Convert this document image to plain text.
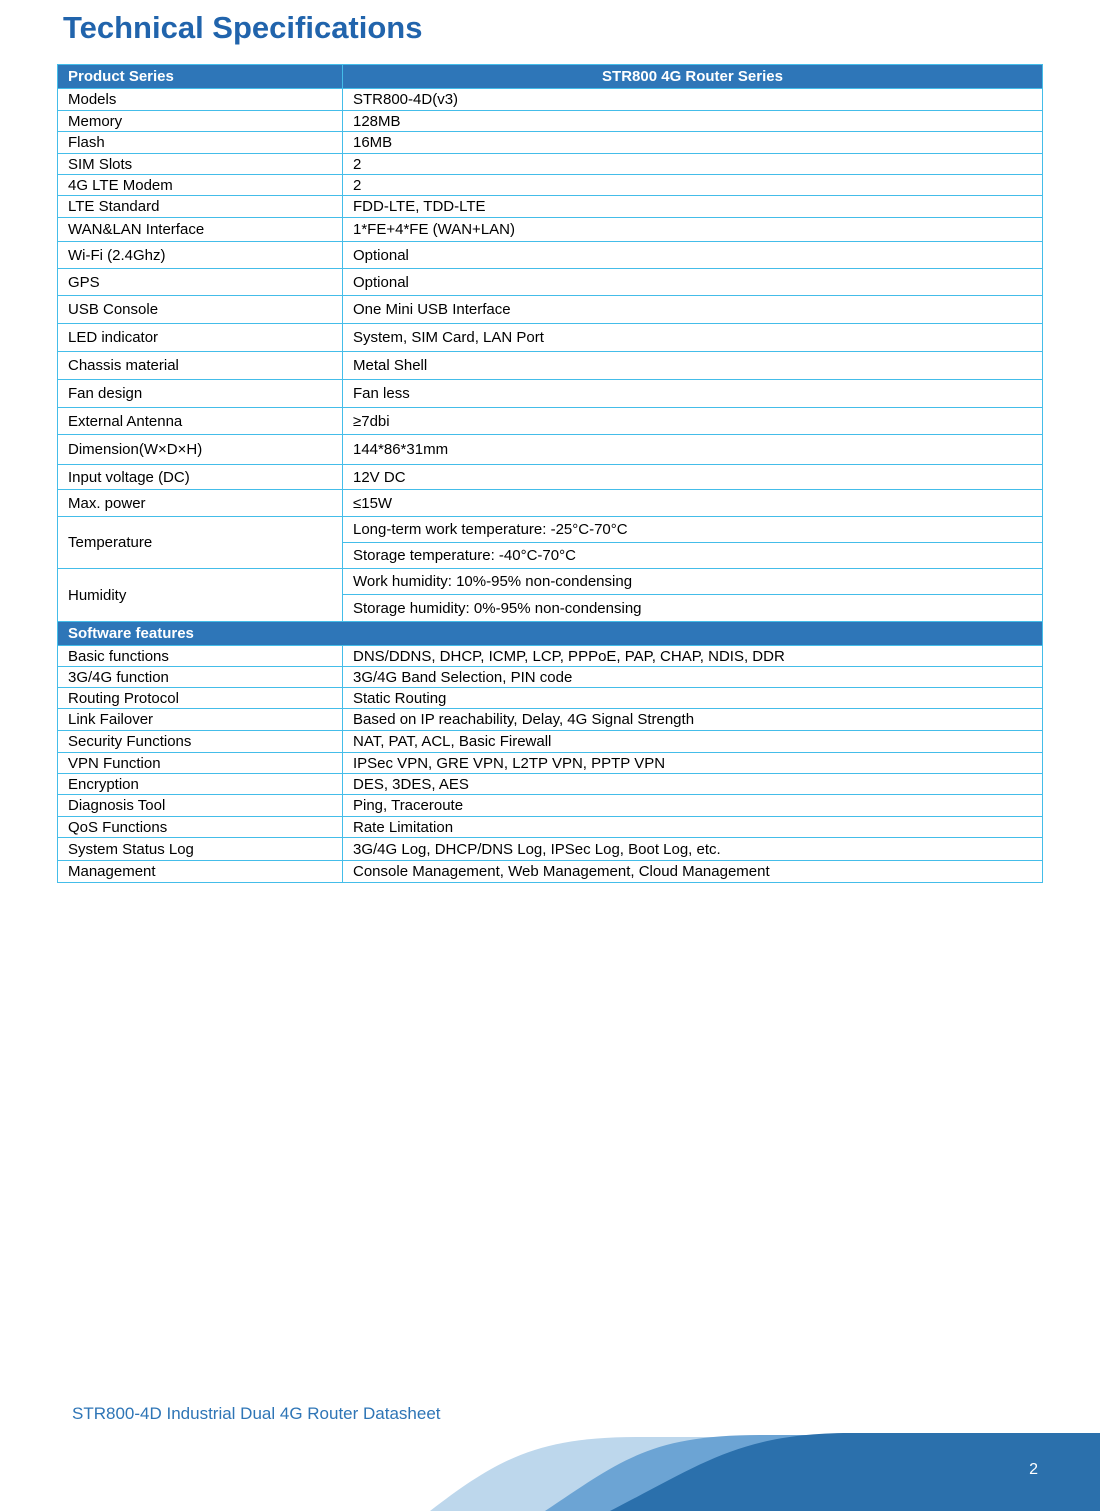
Technical Specifications
Product Series	STR800 4G Router Series
Models	STR800-4D(v3)
Memory	128MB
Flash	16MB
SIM Slots	2
4G LTE Modem	2
LTE Standard	FDD-LTE, TDD-LTE
WAN&LAN Interface	1*FE+4*FE (WAN+LAN)
Wi-Fi (2.4Ghz)	Optional
GPS	Optional
USB Console	One Mini USB Interface
LED indicator	System, SIM Card, LAN Port
Chassis material	Metal Shell
Fan design	Fan less
External Antenna	≥7dbi
Dimension(W×D×H)	144*86*31mm
Input voltage (DC)	12V DC
Max. power	≤15W
Temperature	Long-term work temperature: -25°C-70°C
	Storage temperature: -40°C-70°C
Humidity	Work humidity: 10%-95% non-condensing
	Storage humidity: 0%-95% non-condensing
Software features	
Basic functions	DNS/DDNS, DHCP, ICMP, LCP, PPPoE, PAP, CHAP, NDIS, DDR
3G/4G function	3G/4G Band Selection, PIN code
Routing Protocol	Static Routing
Link Failover	Based on IP reachability, Delay, 4G Signal Strength
Security Functions	NAT, PAT, ACL, Basic Firewall
VPN Function	IPSec VPN, GRE VPN, L2TP VPN, PPTP VPN
Encryption	DES, 3DES, AES
Diagnosis Tool	Ping, Traceroute
QoS Functions	Rate Limitation
System Status Log	3G/4G Log, DHCP/DNS Log, IPSec Log, Boot Log, etc.
Management	Console Management, Web Management, Cloud Management
STR800-4D Industrial Dual 4G Router Datasheet
2
